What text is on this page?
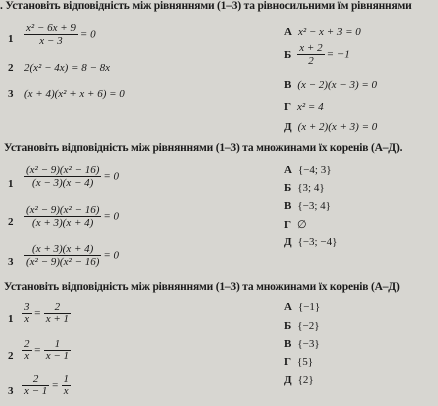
. Установіть відповідність між рівняннями (1–3) та рівносильними їм рівняннями
$1 \frac{\text{x² − 6x + 9}}{x - 3} = 0$
2 2(x² − 4x) = 8 − 8x
3 (x + 4)(x² + x + 6) = 0
А x² − x + 3 = 0
Б $\frac{x + 2}{2} = -1$
В (x − 2)(x − 3) = 0
Г x² = 4
Д (x + 2)(x + 3) = 0
Установіть відповідність між рівняннями (1–3) та множинами їх коренів (А–Д).
$1 \frac{\text{(x² − 9)(x² − 16)}}{(x - 3)(x - 4)} = 0$
$2 \frac{\text{(x² − 9)(x² − 16)}}{(x + 3)(x + 4)} = 0$
$3 \frac{(x + 3)(x + 4)}{\text{(x² − 9)(x² − 16)}} = 0$
А {−4; 3}
Б {3; 4}
В {−3; 4}
Г ∅
Д {−3; −4}
Установіть відповідність між рівняннями (1–3) та множинами їх коренів (А–Д)
$1 \frac{3}{x} = \frac{2}{x + 1}$
$2 \frac{2}{x} = \frac{1}{x - 1}$
$3 \frac{2}{x - 1} = \frac{1}{x}$
А {−1}
Б {−2}
В {−3}
Г {5}
Д {2}
